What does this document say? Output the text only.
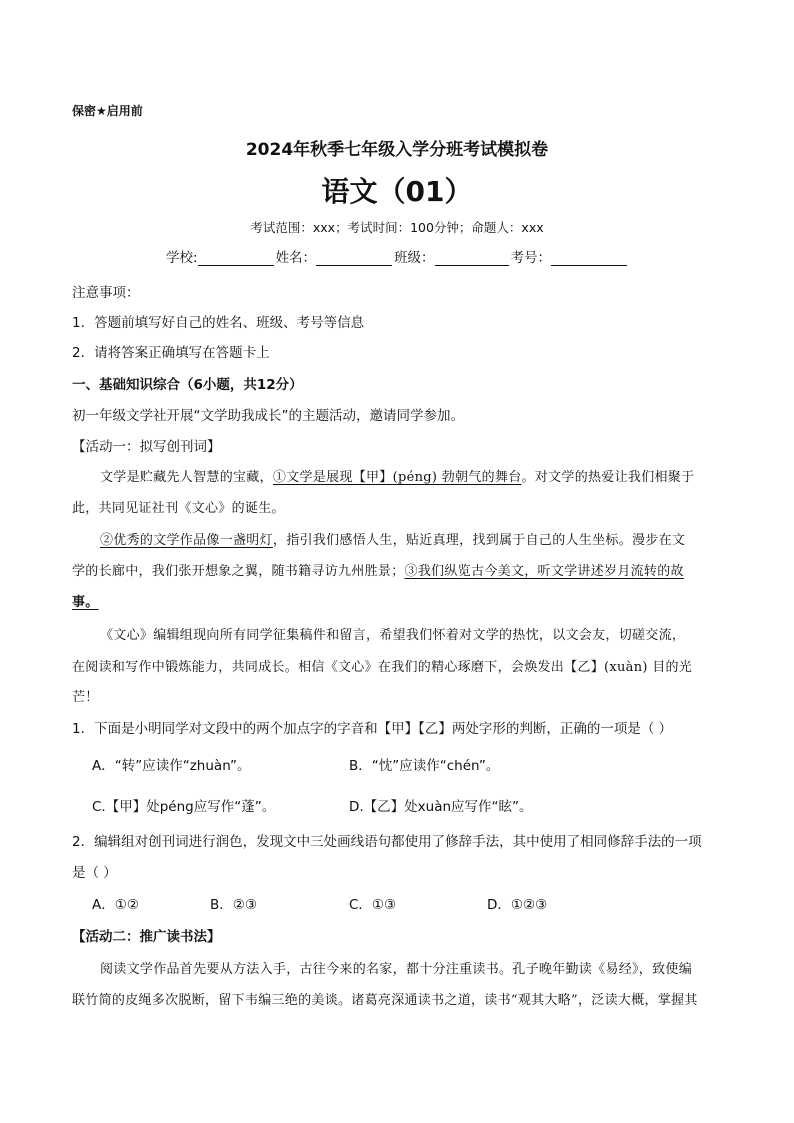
保密★启用前
2024年秋季七年级入学分班考试模拟卷
语文（01）
考试范围：xxx；考试时间：100分钟；命题人：xxx
学校:	姓名：	班级：	考号：
注意事项：
1．答题前填写好自己的姓名、班级、考号等信息
2．请将答案正确填写在答题卡上
一、基础知识综合（6小题，共12分）
初一年级文学社开展“文学助我成长”的主题活动，邀请同学参加。
【活动一：拟写创刊词】
文学是贮藏先人智慧的宝藏，①文学是展现【甲】(péng) 勃朝气的舞台。对文学的热爱让我们相聚于
此，共同见证社刊《文心》的诞生。
②优秀的文学作品像一盏明灯，指引我们感悟人生，贴近真理，找到属于自己的人生坐标。漫步在文
学的长廊中，我们张开想象之翼，随书籍寻访九州胜景；③我们纵览古今美文，听文学讲述岁月流转的故
事。
《文心》编辑组现向所有同学征集稿件和留言，希望我们怀着对文学的热忱，以文会友，切磋交流，
在阅读和写作中锻炼能力，共同成长。相信《文心》在我们的精心琢磨下，会焕发出【乙】(xuàn) 目的光
芒！
1．下面是小明同学对文段中的两个加点字的字音和【甲】【乙】两处字形的判断，正确的一项是（ ）
A．“转”应读作“zhuàn”。	B．“忱”应读作“chén”。
C.【甲】处péng应写作“蓬”。	D.【乙】处xuàn应写作“眩”。
2．编辑组对创刊词进行润色，发现文中三处画线语句都使用了修辞手法，其中使用了相同修辞手法的一项
是（ ）
A．①②	B．②③	C．①③	D．①②③
【活动二：推广读书法】
阅读文学作品首先要从方法入手，古往今来的名家，都十分注重读书。孔子晚年勤读《易经》，致使编
联竹简的皮绳多次脱断，留下韦编三绝的美谈。诸葛亮深通读书之道，读书“观其大略”，泛读大概，掌握其
